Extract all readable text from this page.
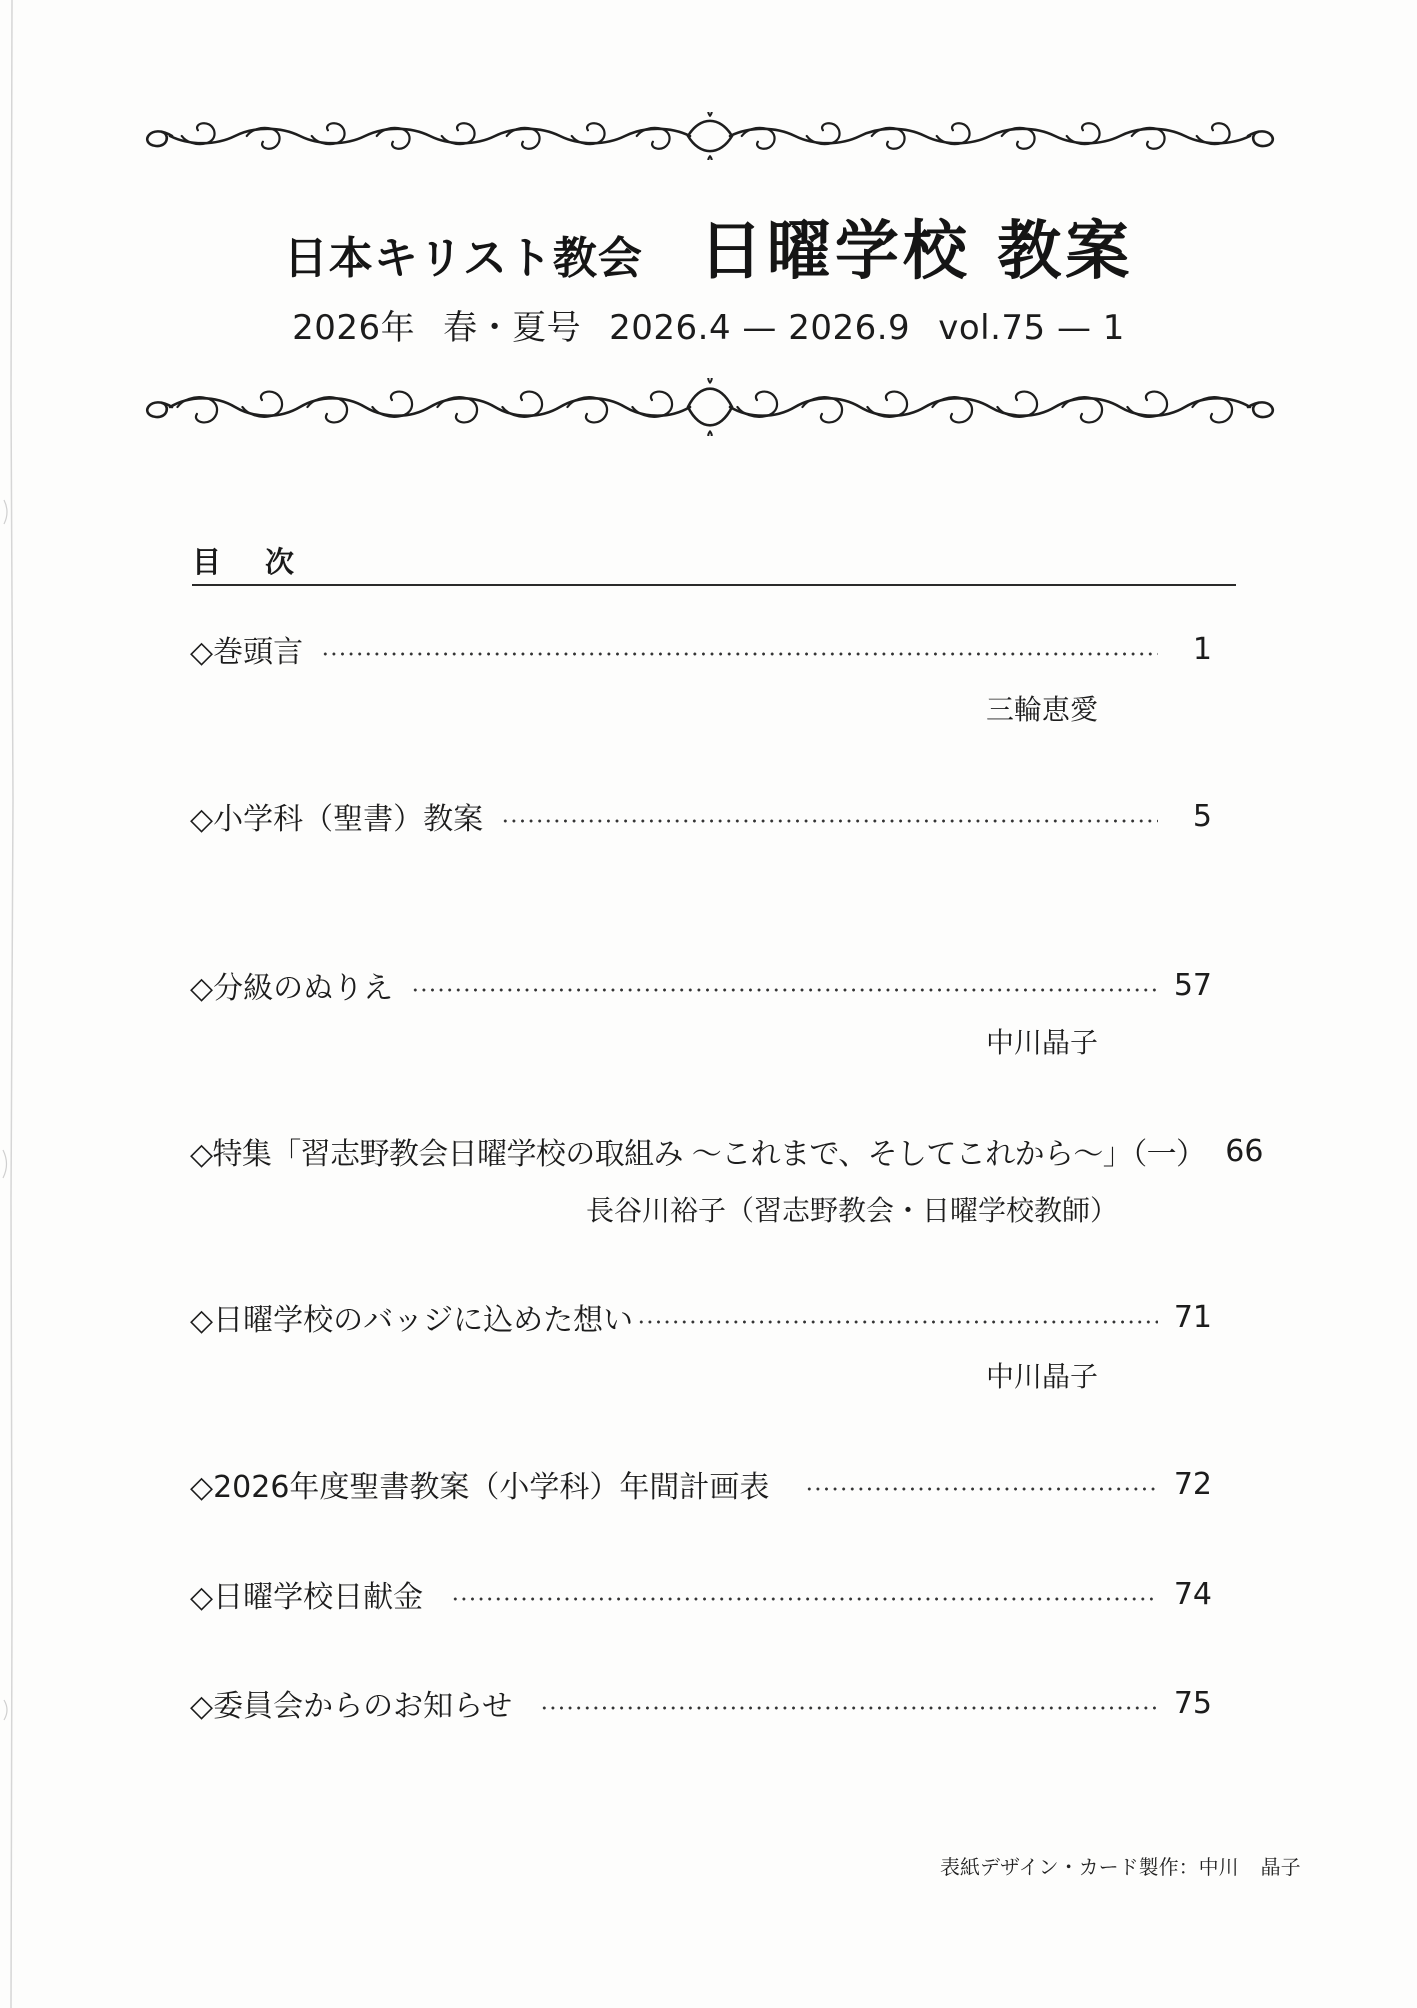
日本キリスト教会 日曜学校 教案
2026年 春・夏号 2026.4 — 2026.9 vol.75 — 1
目次
◇巻頭言	1
三輪恵愛
◇小学科（聖書）教案	5
◇分級のぬりえ	57
中川晶子
◇特集「習志野教会日曜学校の取組み ～これまで、そしてこれから～」（一） 66
長谷川裕子（習志野教会・日曜学校教師）
◇日曜学校のバッジに込めた想い	71
中川晶子
◇2026年度聖書教案（小学科）年間計画表	72
◇日曜学校日献金	74
◇委員会からのお知らせ	75
表紙デザイン・カード製作：中川 晶子
